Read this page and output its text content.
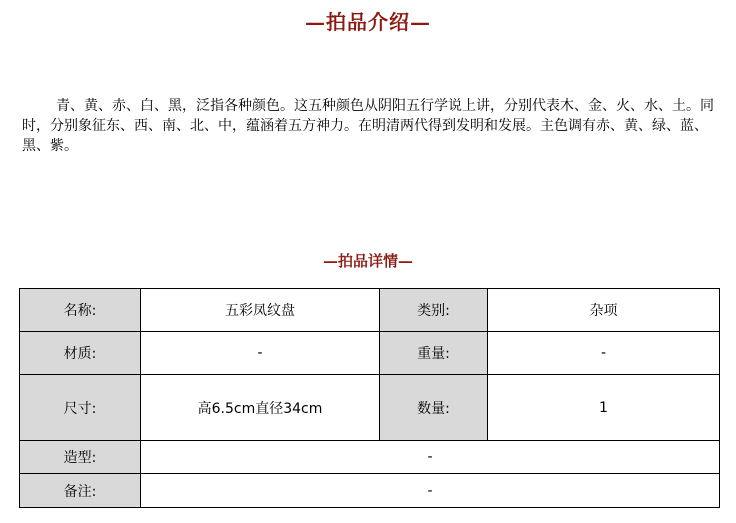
—拍品介绍—

青、黄、赤、白、黑，泛指各种颜色。这五种颜色从阴阳五行学说上讲，分别代表木、金、火、水、土。同时，分别象征东、西、南、北、中，蕴涵着五方神力。在明清两代得到发明和发展。主色调有赤、黄、绿、蓝、黑、紫。

—拍品详情—
名称:	五彩凤纹盘	类别:	杂项
材质:	-	重量:	-
尺寸:	高6.5cm直径34cm	数量:	1
造型:	-		
备注:	-		
